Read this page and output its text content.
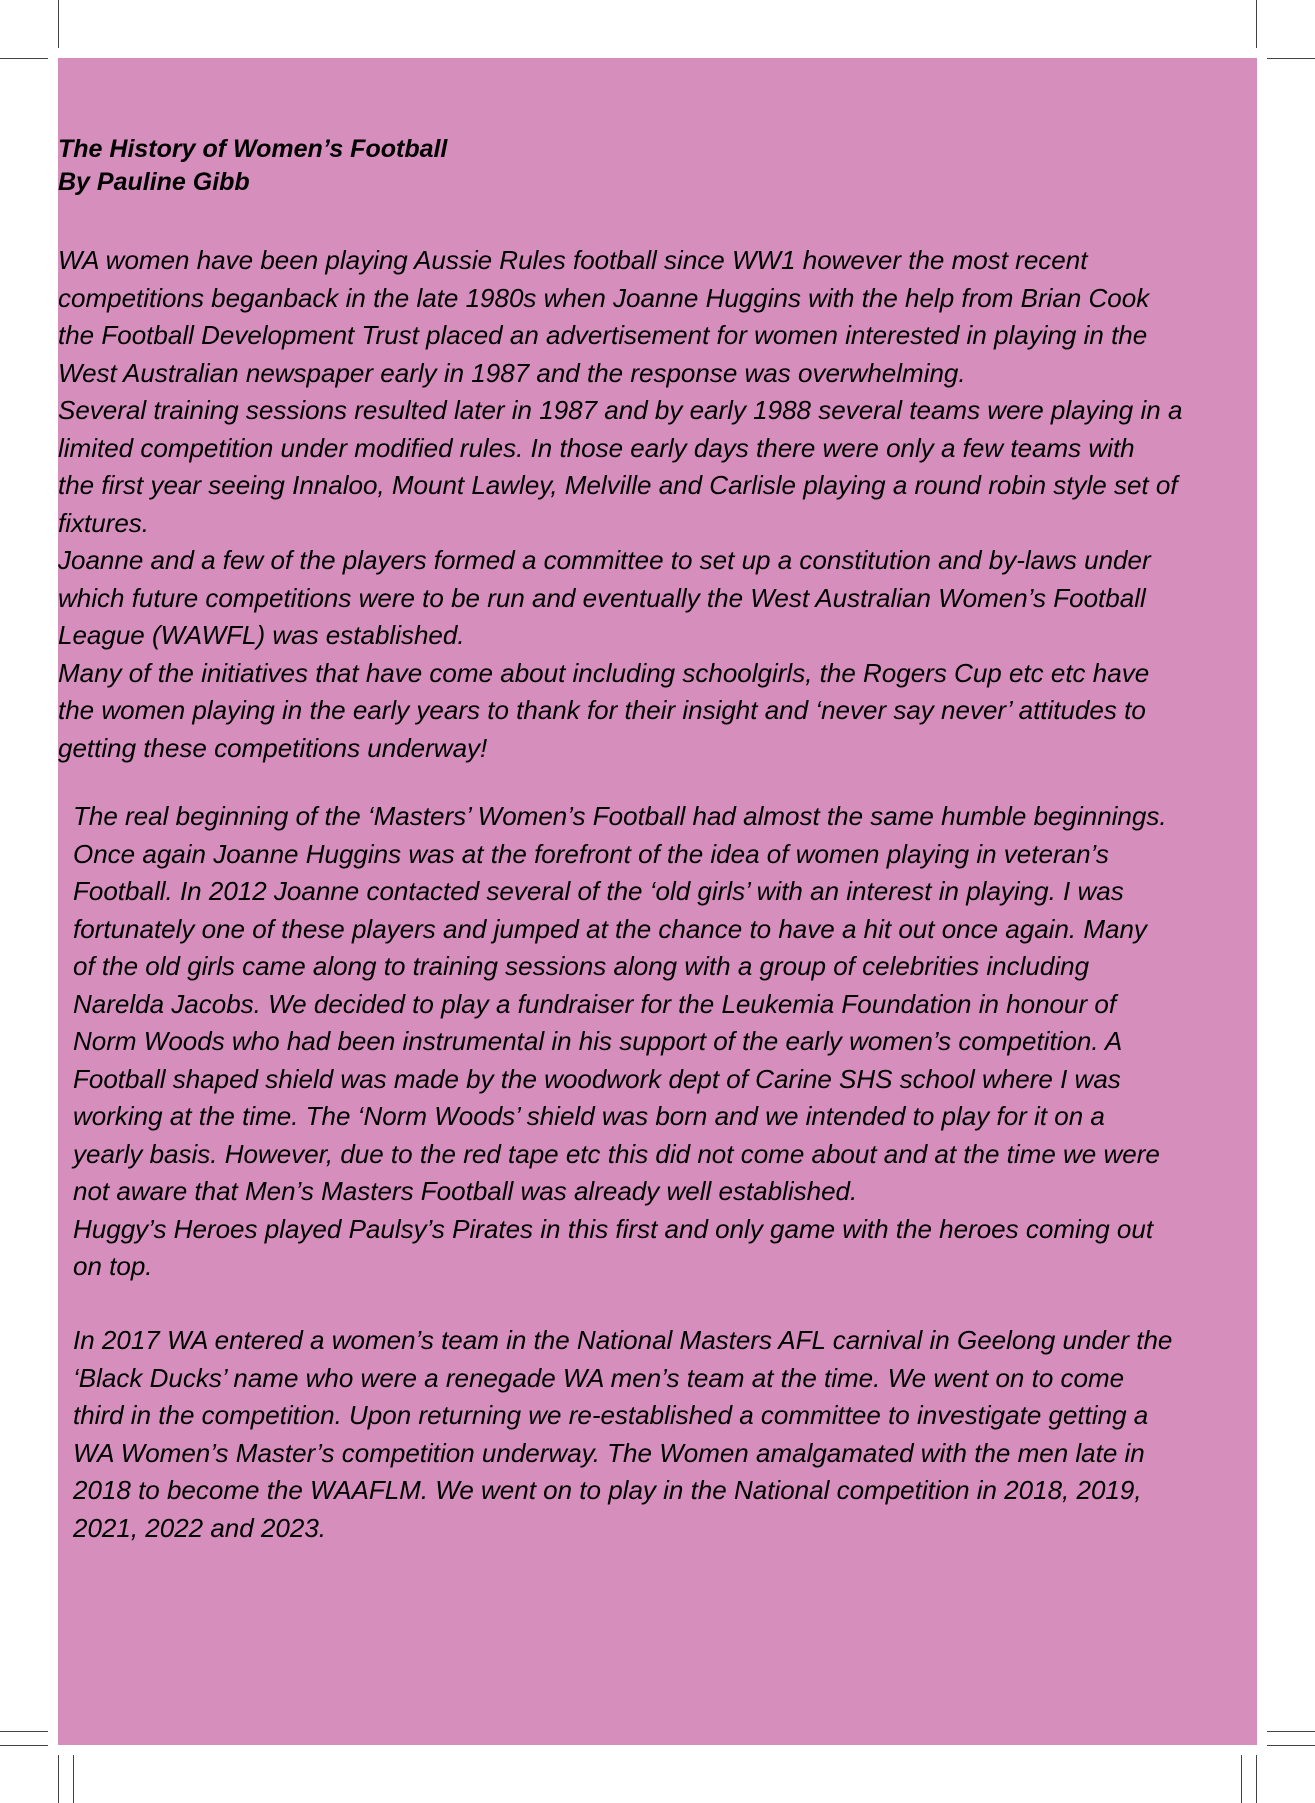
The History of Women’s Football
By Pauline Gibb
WA women have been playing Aussie Rules football since WW1 however the most recent
competitions beganback in the late 1980s when Joanne Huggins with the help from Brian Cook
the Football Development Trust placed an advertisement for women interested in playing in the
West Australian newspaper early in 1987 and the response was overwhelming.
Several training sessions resulted later in 1987 and by early 1988 several teams were playing in a
limited competition under modified rules. In those early days there were only a few teams with
the first year seeing Innaloo, Mount Lawley, Melville and Carlisle playing a round robin style set of
fixtures.
Joanne and a few of the players formed a committee to set up a constitution and by-laws under
which future competitions were to be run and eventually the West Australian Women’s Football
League (WAWFL) was established.
Many of the initiatives that have come about including schoolgirls, the Rogers Cup etc etc have
the women playing in the early years to thank for their insight and ‘never say never’ attitudes to
getting these competitions underway!
The real beginning of the ‘Masters’ Women’s Football had almost the same humble beginnings.
Once again Joanne Huggins was at the forefront of the idea of women playing in veteran’s
Football. In 2012 Joanne contacted several of the ‘old girls’ with an interest in playing. I was
fortunately one of these players and jumped at the chance to have a hit out once again. Many
of the old girls came along to training sessions along with a group of celebrities including
Narelda Jacobs. We decided to play a fundraiser for the Leukemia Foundation in honour of
Norm Woods who had been instrumental in his support of the early women’s competition. A
Football shaped shield was made by the woodwork dept of Carine SHS school where I was
working at the time. The ‘Norm Woods’ shield was born and we intended to play for it on a
yearly basis. However, due to the red tape etc this did not come about and at the time we were
not aware that Men’s Masters Football was already well established.
Huggy’s Heroes played Paulsy’s Pirates in this first and only game with the heroes coming out
on top.
In 2017 WA entered a women’s team in the National Masters AFL carnival in Geelong under the
‘Black Ducks’ name who were a renegade WA men’s team at the time. We went on to come
third in the competition. Upon returning we re-established a committee to investigate getting a
WA Women’s Master’s competition underway. The Women amalgamated with the men late in
2018 to become the WAAFLM. We went on to play in the National competition in 2018, 2019,
2021, 2022 and 2023.
